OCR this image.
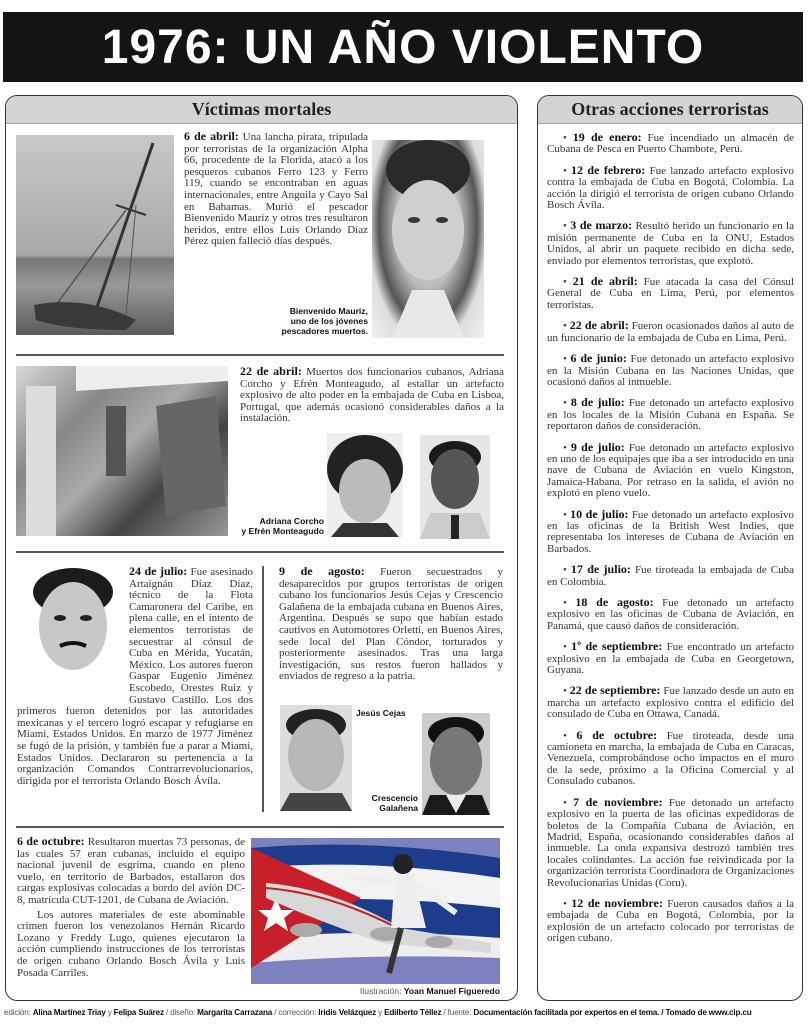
1976: UN AÑO VIOLENTO
Víctimas mortales
6 de abril: Una lancha pirata, tripulada por terroristas de la organización Alpha 66, procedente de la Florida, atacó a los pesqueros cubanos Ferro 123 y Ferro 119, cuando se encontraban en aguas internacionales, entre Anguila y Cayo Sal en Bahamas. Murió el pescador Bienvenido Mauriz y otros tres resultaron heridos, entre ellos Luis Orlando Díaz Pérez quien falleció días después.
Bienvenido Mauriz,
uno de los jóvenes
pescadores muertos.
22 de abril: Muertos dos funcionarios cubanos, Adriana Corcho y Efrén Monteagudo, al estallar un artefacto explosivo de alto poder en la embajada de Cuba en Lisboa, Portugal, que además ocasionó considerables daños a la instalación.
Adriana Corcho
y Efrén Monteagudo
24 de julio: Fue asesinado Artaignán Díaz Díaz, técnico de la Flota Camaronera del Caribe, en plena calle, en el intento de elementos terroristas de secuestrar al cónsul de Cuba en Mérida, Yucatán, México. Los autores fueron Gaspar Eugenio Jiménez Escobedo, Orestes Ruiz y Gustavo Castillo. Los dos primeros fueron detenidos por las autoridades mexicanas y el tercero logró escapar y refugiarse en Miami, Estados Unidos. En marzo de 1977 Jiménez se fugó de la prisión, y también fue a parar a Miami, Estados Unidos. Declararon su pertenencia a la organización Comandos Contrarrevolucionarios, dirigida por el terrorista Orlando Bosch Ávila.
9 de agosto: Fueron secuestrados y desaparecidos por grupos terroristas de origen cubano los funcionarios Jesús Cejas y Crescencio Galañena de la embajada cubana en Buenos Aires, Argentina. Después se supo que habían estado cautivos en Automotores Orletti, en Buenos Aires, sede local del Plan Cóndor, torturados y posteriormente asesinados. Tras una larga investigación, sus restos fueron hallados y enviados de regreso a la patria.
Jesús Cejas
Crescencio
Galañena

6 de octubre: Resultaron muertas 73 personas, de las cuales 57 eran cubanas, incluido el equipo nacional juvenil de esgrima, cuando en pleno vuelo, en territorio de Barbados, estallaron dos cargas explosivas colocadas a bordo del avión DC-8, matrícula CUT-1201, de Cubana de Aviación.

Los autores materiales de este abominable crimen fueron los venezolanos Hernán Ricardo Lozano y Freddy Lugo, quienes ejecutaron la acción cumpliendo instrucciones de los terroristas de origen cubano Orlando Bosch Ávila y Luis Posada Carriles.

Ilustración: Yoan Manuel Figueredo
Otras acciones terroristas

• 19 de enero: Fue incendiado un almacén de Cubana de Pesca en Puerto Chambote, Perú.

• 12 de febrero: Fue lanzado artefacto explosivo contra la embajada de Cuba en Bogotá, Colombia. La acción la dirigió el terrorista de origen cubano Orlando Bosch Ávila.

• 3 de marzo: Resultó herido un funcionario en la misión permanente de Cuba en la ONU, Estados Unidos, al abrir un paquete recibido en dicha sede, enviado por elementos terroristas, que explotó.

• 21 de abril: Fue atacada la casa del Cónsul General de Cuba en Lima, Perú, por elementos terroristas.

• 22 de abril: Fueron ocasionados daños al auto de un funcionario de la embajada de Cuba en Lima, Perú.

• 6 de junio: Fue detonado un artefacto explosivo en la Misión Cubana en las Naciones Unidas, que ocasionó daños al inmueble.

• 8 de julio: Fue detonado un artefacto explosivo en los locales de la Misión Cubana en España. Se reportaron daños de consideración.

• 9 de julio: Fue detonado un artefacto explosivo en uno de los equipajes que iba a ser introducido en una nave de Cubana de Aviación en vuelo Kingston, Jamaica-Habana. Por retraso en la salida, el avión no explotó en pleno vuelo.

• 10 de julio: Fue detonado un artefacto explosivo en las oficinas de la British West Indies, que representaba los intereses de Cubana de Aviación en Barbados.

• 17 de julio: Fue tiroteada la embajada de Cuba en Colombia.

• 18 de agosto: Fue detonado un artefacto explosivo en las oficinas de Cubana de Aviación, en Panamá, que causó daños de consideración.

• 1º de septiembre: Fue encontrado un artefacto explosivo en la embajada de Cuba en Georgetown, Guyana.

• 22 de septiembre: Fue lanzado desde un auto en marcha un artefacto explosivo contra el edificio del consulado de Cuba en Ottawa, Canadá.

• 6 de octubre: Fue tiroteada, desde una camioneta en marcha, la embajada de Cuba en Caracas, Venezuela, comprobándose ocho impactos en el muro de la sede, próximo a la Oficina Comercial y al Consulado cubanos.

• 7 de noviembre: Fue detonado un artefacto explosivo en la puerta de las oficinas expedidoras de boletos de la Compañía Cubana de Aviación, en Madrid, España, ocasionando considerables daños al inmueble. La onda expansiva destrozó también tres locales colindantes. La acción fue reivindicada por la organización terrorista Coordinadora de Organizaciones Revolucionarias Unidas (Coru).

• 12 de noviembre: Fueron causados daños a la embajada de Cuba en Bogotá, Colombia, por la explosión de un artefacto colocado por terroristas de origen cubano.

edición: Alina Martínez Triay y Felipa Suárez / diseño: Margarita Carrazana / corrección: Iridis Velázquez y Edilberto Téllez / fuente: Documentación facilitada por expertos en el tema. / Tomado de www.cip.cu
